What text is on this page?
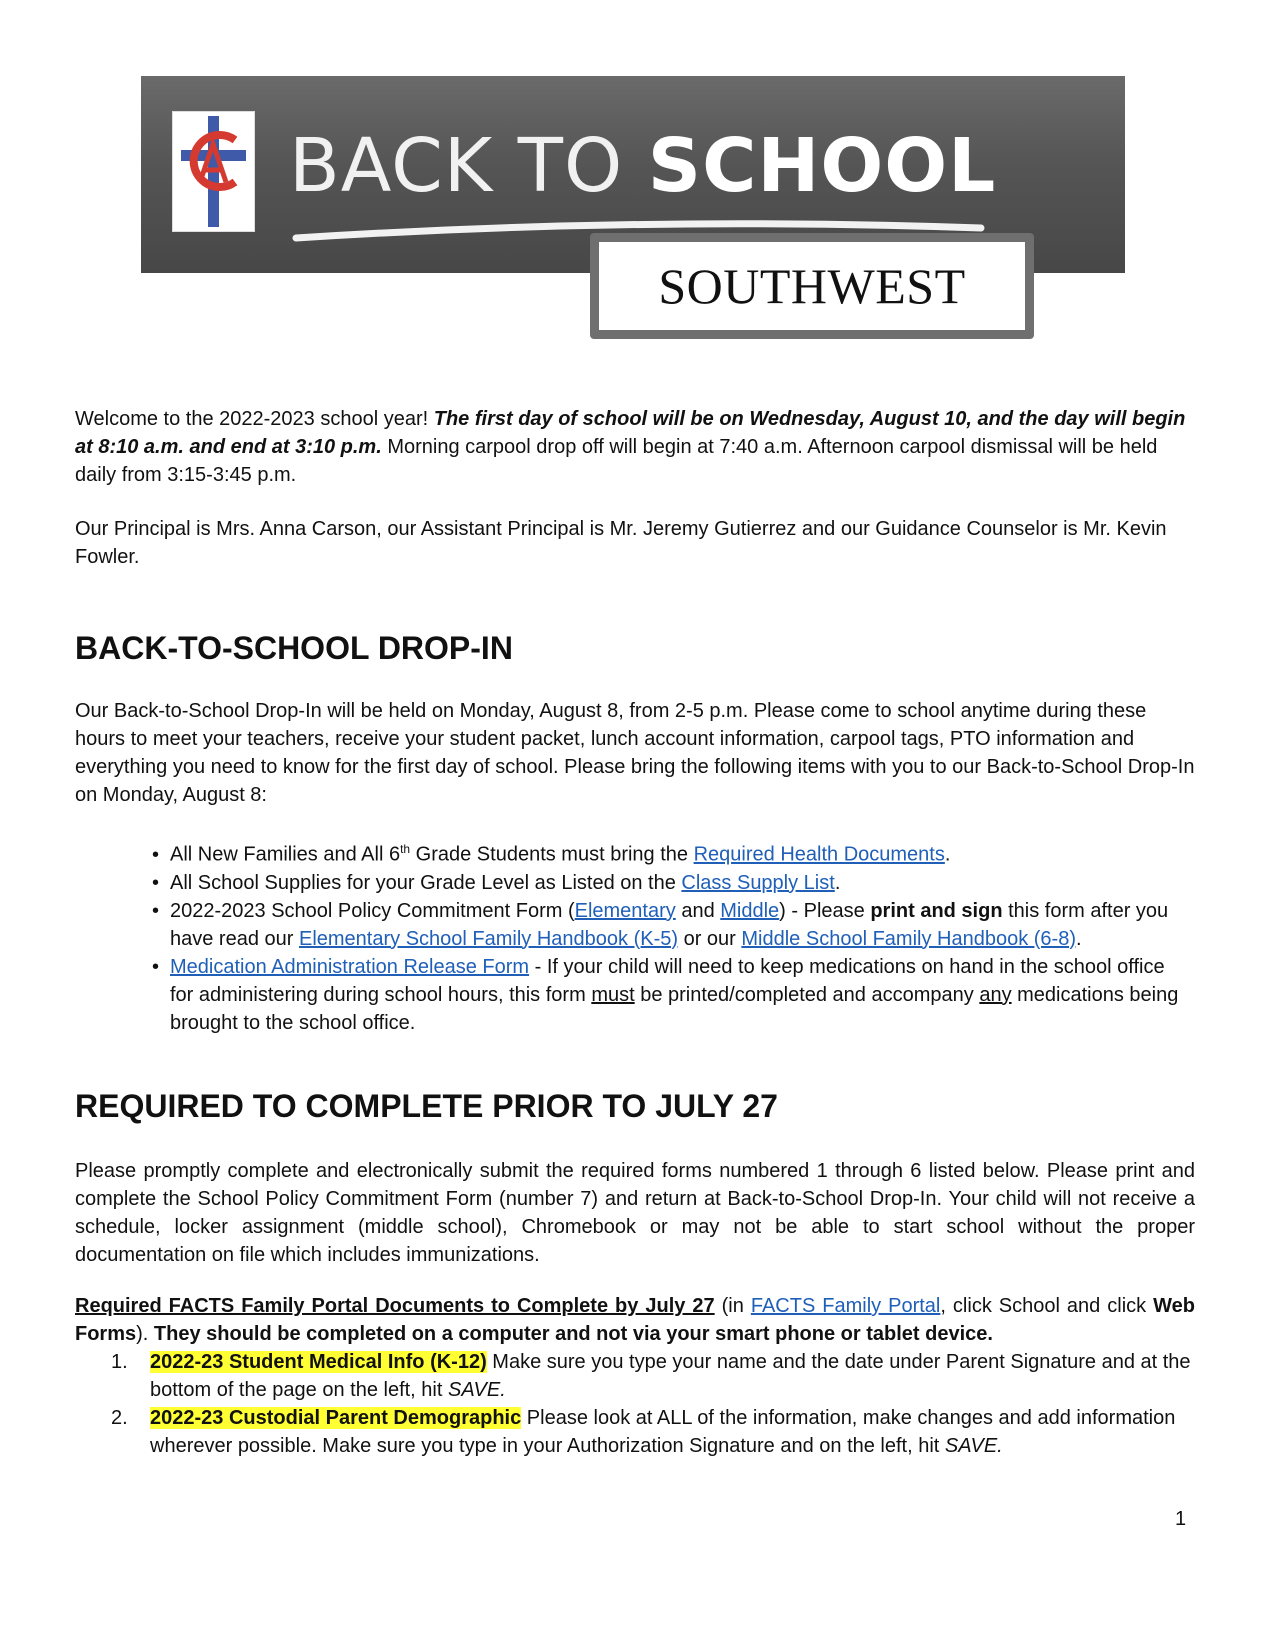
BACK TO SCHOOL
SOUTHWEST
Welcome to the 2022-2023 school year! The first day of school will be on Wednesday, August 10, and the day will begin at 8:10 a.m. and end at 3:10 p.m. Morning carpool drop off will begin at 7:40 a.m. Afternoon carpool dismissal will be held daily from 3:15-3:45 p.m.
Our Principal is Mrs. Anna Carson, our Assistant Principal is Mr. Jeremy Gutierrez and our Guidance Counselor is Mr. Kevin Fowler.
BACK-TO-SCHOOL DROP-IN
Our Back-to-School Drop-In will be held on Monday, August 8, from 2-5 p.m. Please come to school anytime during these hours to meet your teachers, receive your student packet, lunch account information, carpool tags, PTO information and everything you need to know for the first day of school. Please bring the following items with you to our Back-to-School Drop-In on Monday, August 8:
• All New Families and All 6th Grade Students must bring the Required Health Documents.
• All School Supplies for your Grade Level as Listed on the Class Supply List.
• 2022-2023 School Policy Commitment Form (Elementary and Middle) - Please print and sign this form after you have read our Elementary School Family Handbook (K-5) or our Middle School Family Handbook (6-8).
• Medication Administration Release Form - If your child will need to keep medications on hand in the school office for administering during school hours, this form must be printed/completed and accompany any medications being brought to the school office.
REQUIRED TO COMPLETE PRIOR TO JULY 27
Please promptly complete and electronically submit the required forms numbered 1 through 6 listed below. Please print and complete the School Policy Commitment Form (number 7) and return at Back-to-School Drop-In. Your child will not receive a schedule, locker assignment (middle school), Chromebook or may not be able to start school without the proper documentation on file which includes immunizations.
Required FACTS Family Portal Documents to Complete by July 27 (in FACTS Family Portal, click School and click Web Forms). They should be completed on a computer and not via your smart phone or tablet device.
1. 2022-23 Student Medical Info (K-12) Make sure you type your name and the date under Parent Signature and at the bottom of the page on the left, hit SAVE.
2. 2022-23 Custodial Parent Demographic Please look at ALL of the information, make changes and add information wherever possible. Make sure you type in your Authorization Signature and on the left, hit SAVE.
1
